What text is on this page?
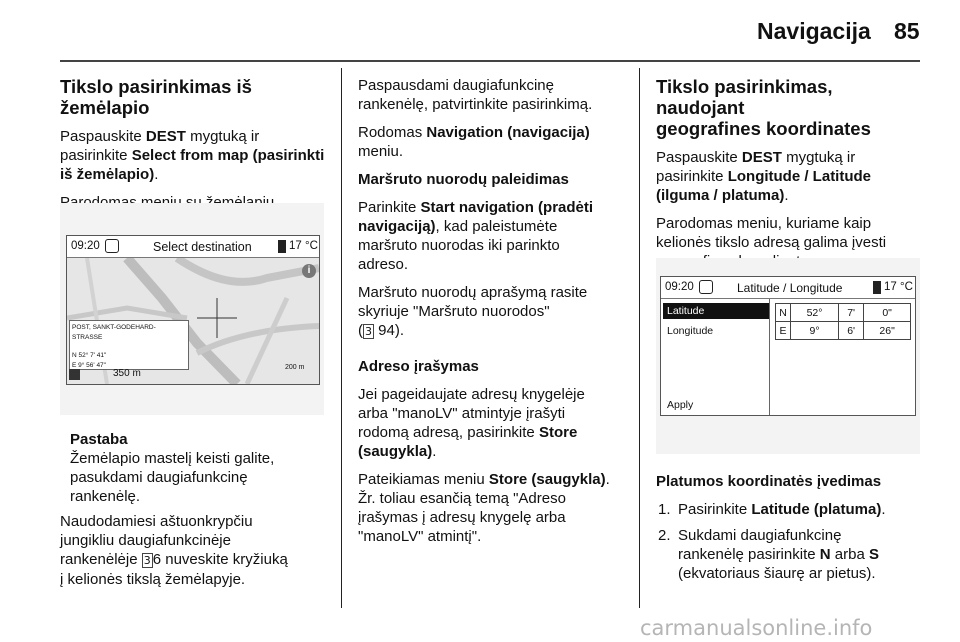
Navigacija 85

Tikslo pasirinkimas iš žemėlapio

Paspauskite DEST mygtuką ir
pasirinkite Select from map (pasirinkti
iš žemėlapio).

09:20	Select destination	17 °C
i
POST, SANKT-GODEHARD-STRASSE
N 52° 7' 41"
E 9° 56' 47"
350 m
200 m
Pastaba
Žemėlapio mastelį keisti galite,
pasukdami daugiafunkcinę
rankenėlę.
Naudodamiesi aštuonkrypčiu
jungikliu daugiafunkcinėje
rankenėlėje 3 6 nuveskite kryžiuką
į kelionės tikslą žemėlapyje.

Paspausdami daugiafunkcinę
rankenėlę, patvirtinkite pasirinkimą.

Rodomas Navigation (navigacija)
meniu.

Maršruto nuorodų paleidimas

Parinkite Start navigation (pradėti
navigaciją), kad paleistumėte
maršruto nuorodas iki parinkto
adreso.

Maršruto nuorodų aprašymą rasite
skyriuje "Maršruto nuorodos"
( 3 94).

Adreso įrašymas

Jei pageidaujate adresų knygelėje
arba "manoLV" atmintyje įrašyti
rodomą adresą, pasirinkite Store
(saugykla).

Pateikiamas meniu Store (saugykla).
Žr. toliau esančią temą "Adreso
įrašymas į adresų knygelę arba
"manoLV" atmintį".

Tikslo pasirinkimas, naudojant
geografines koordinates

Paspauskite DEST mygtuką ir
pasirinkite Longitude / Latitude
(ilguma / platuma).

Parodomas meniu, kuriame kaip
kelionės tikslo adresą galima įvesti

09:20	Latitude / Longitude	17 °C
Latitude
Longitude
Apply
N	52°	7'	0"
E	9°	6'	26"

Platumos koordinatės įvedimas

1. Pasirinkite Latitude (platuma).
2. Sukdami daugiafunkcinę
rankenėlę pasirinkite N arba S
(ekvatoriaus šiaurę ar pietus).
carmanualsonline.info
